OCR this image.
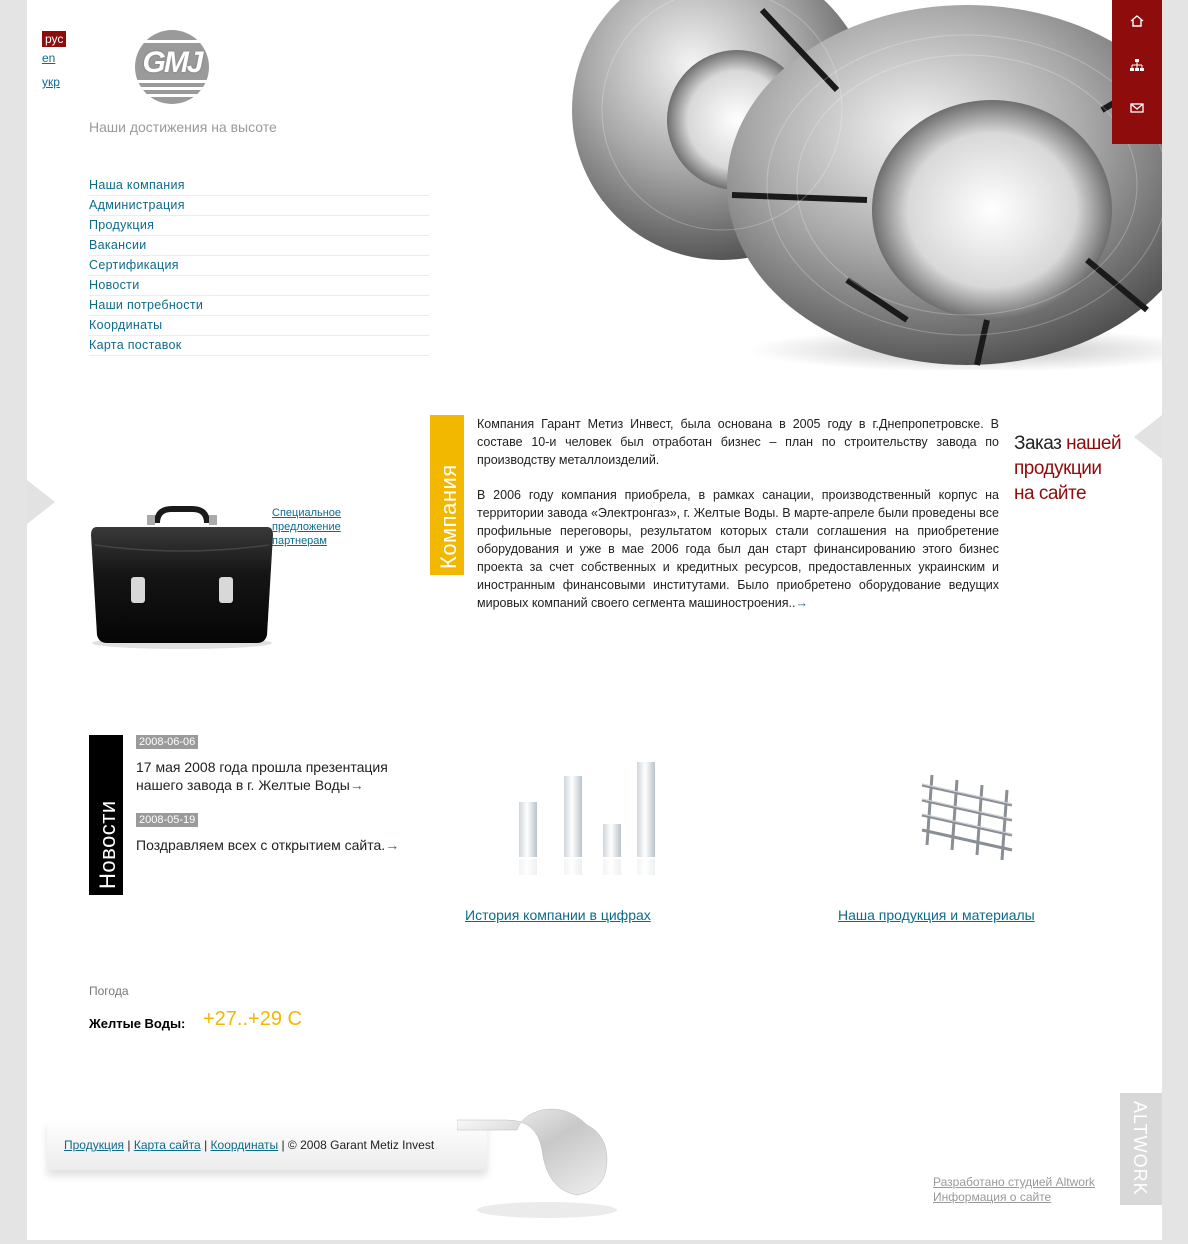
рус
en
укр
GMJ
Наши достижения на высоте
Наша компания
Администрация
Продукция
Вакансии
Сертификация
Новости
Наши потребности
Координаты
Карта поставок
Специальное предложение партнерам	Компания

Компания Гарант Метиз Инвест, была основана в 2005 году в г.Днепропетровске. В составе 10-и человек был отработан бизнес – план по строительству завода по производству металлоизделий.

В 2006 году компания приобрела, в рамках санации, производственный корпус на территории завода «Электронгаз», г. Желтые Воды. В марте-апреле были проведены все профильные переговоры, результатом которых стали соглашения на приобретение оборудования и уже в мае 2006 года был дан старт финансированию этого бизнес проекта за счет собственных и кредитных ресурсов, предоставленных украинским и иностранным финансовыми институтами. Было приобретено оборудование ведущих мировых компаний своего сегмента машиностроения..→

Заказ нашей
продукции
на сайте
Новости
2008-06-06
17 мая 2008 года прошла презентация нашего завода в г. Желтые Воды→
2008-05-19
Поздравляем всех с открытием сайта.→
История компании в цифрах	Наша продукция и материалы
Погода
Желтые Воды: +27..+29 C
Продукция | Карта сайта | Координаты | © 2008 Garant Metiz Invest	ALTWORK
Разработано студией Altwork
Информация о сайте
